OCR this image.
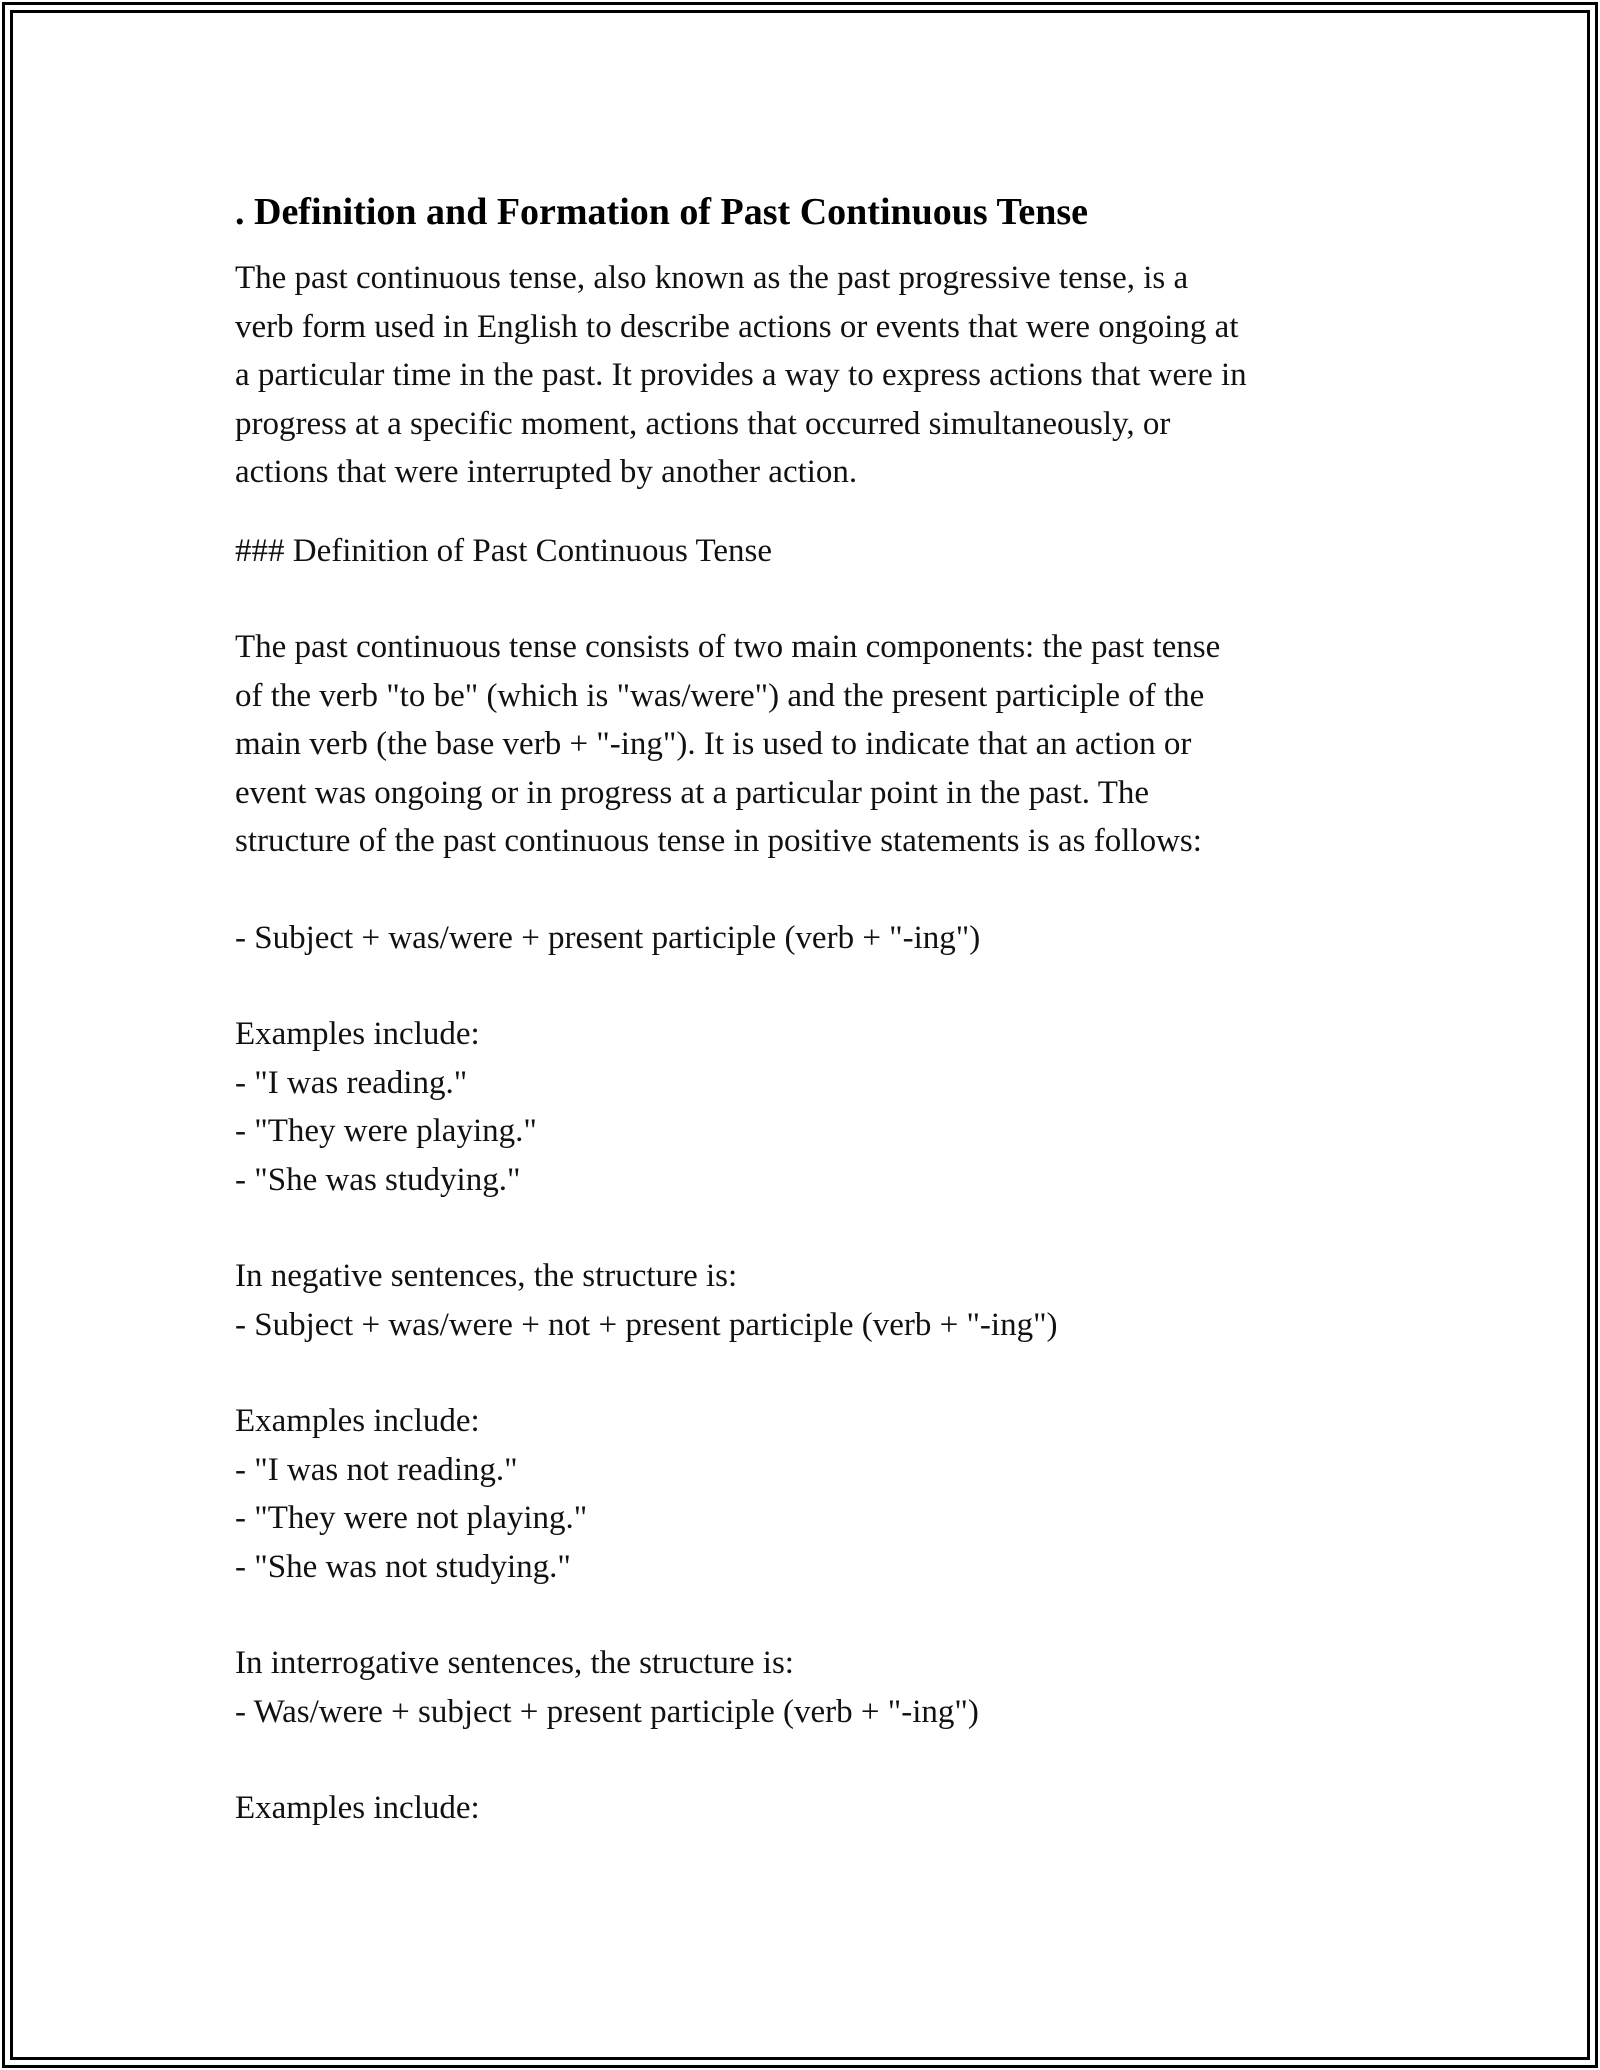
. Definition and Formation of Past Continuous Tense

The past continuous tense, also known as the past progressive tense, is a
verb form used in English to describe actions or events that were ongoing at
a particular time in the past. It provides a way to express actions that were in
progress at a specific moment, actions that occurred simultaneously, or
actions that were interrupted by another action.

### Definition of Past Continuous Tense

The past continuous tense consists of two main components: the past tense
of the verb "to be" (which is "was/were") and the present participle of the
main verb (the base verb + "-ing"). It is used to indicate that an action or
event was ongoing or in progress at a particular point in the past. The
structure of the past continuous tense in positive statements is as follows:

- Subject + was/were + present participle (verb + "-ing")

Examples include:
- "I was reading."
- "They were playing."
- "She was studying."

In negative sentences, the structure is:
- Subject + was/were + not + present participle (verb + "-ing")

Examples include:
- "I was not reading."
- "They were not playing."
- "She was not studying."

In interrogative sentences, the structure is:
- Was/were + subject + present participle (verb + "-ing")

Examples include:
